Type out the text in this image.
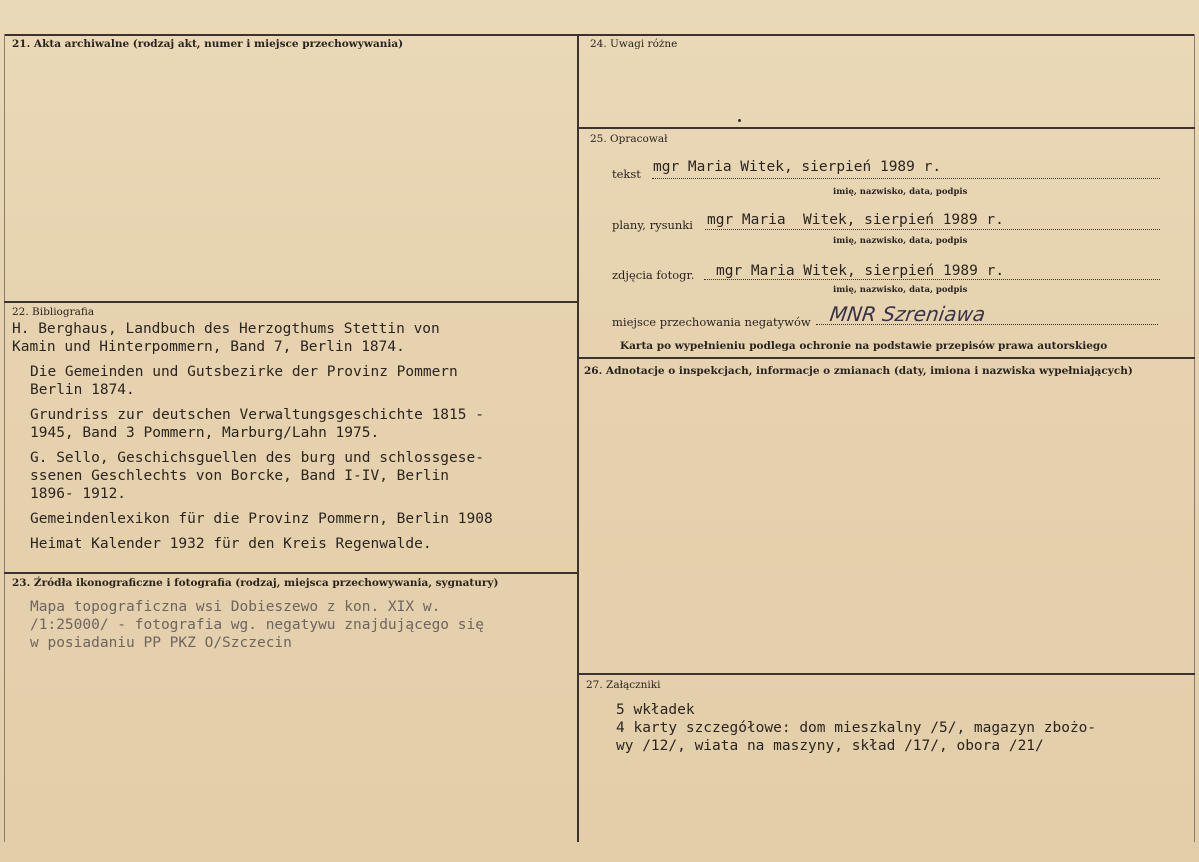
21. Akta archiwalne (rodzaj akt, numer i miejsce przechowywania)
22. Bibliografia
H. Berghaus, Landbuch des Herzogthums Stettin von
Kamin und Hinterpommern, Band 7, Berlin 1874.
Die Gemeinden und Gutsbezirke der Provinz Pommern
Berlin 1874.
Grundriss zur deutschen Verwaltungsgeschichte 1815 -
1945, Band 3 Pommern, Marburg/Lahn 1975.
G. Sello, Geschichsguellen des burg und schlossgese-
ssenen Geschlechts von Borcke, Band I-IV, Berlin
1896- 1912.
Gemeindenlexikon für die Provinz Pommern, Berlin 1908
Heimat Kalender 1932 für den Kreis Regenwalde.
23. Źródła ikonograficzne i fotografia (rodzaj, miejsca przechowywania, sygnatury)
Mapa topograficzna wsi Dobieszewo z kon. XIX w.
/1:25000/ - fotografia wg. negatywu znajdującego się
w posiadaniu PP PKZ O/Szczecin
24. Uwagi różne
25. Opracował
tekst mgr Maria Witek, sierpień 1989 r.
imię, nazwisko, data, podpis
plany, rysunki mgr Maria  Witek, sierpień 1989 r.
imię, nazwisko, data, podpis
zdjęcia fotogr. mgr Maria Witek, sierpień 1989 r.
imię, nazwisko, data, podpis
miejsce przechowania negatywów MNR Szreniawa
Karta po wypełnieniu podlega ochronie na podstawie przepisów prawa autorskiego
26. Adnotacje o inspekcjach, informacje o zmianach (daty, imiona i nazwiska wypełniających)
27. Załączniki
5 wkładek
4 karty szczegółowe: dom mieszkalny /5/, magazyn zbożo-
wy /12/, wiata na maszyny, skład /17/, obora /21/
